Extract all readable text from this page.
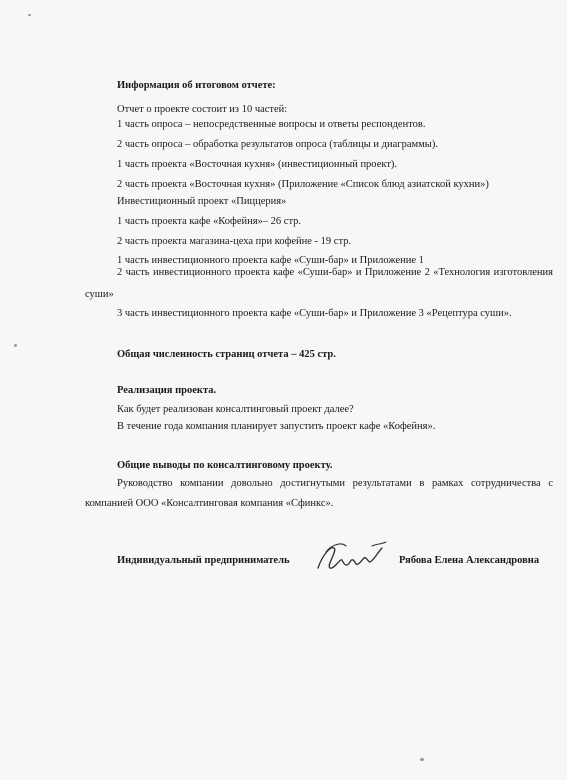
Информация об итоговом отчете:
Отчет о проекте состоит из 10 частей:
1 часть опроса – непосредственные вопросы и ответы респондентов.
2 часть опроса – обработка результатов опроса (таблицы и диаграммы).
1 часть проекта «Восточная кухня» (инвестиционный проект).
2 часть проекта «Восточная кухня» (Приложение «Список блюд азиатской кухни»)
Инвестиционный проект «Пиццерия»
1 часть проекта кафе «Кофейня»– 26 стр.
2 часть проекта магазина-цеха при кофейне - 19 стр.
1 часть инвестиционного проекта кафе «Суши-бар» и Приложение 1
2 часть инвестиционного проекта кафе «Суши-бар» и Приложение 2 «Технология изготовления суши»
3 часть инвестиционного проекта кафе «Суши-бар» и Приложение 3 «Рецептура суши».
Общая численность страниц отчета – 425 стр.
Реализация проекта.
Как будет реализован консалтинговый проект далее?
В течение года компания планирует запустить проект кафе «Кофейня».
Общие выводы по консалтинговому проекту.
Руководство компании довольно достигнутыми результатами в рамках сотрудничества с компанией ООО «Консалтинговая компания «Сфинкс».
Индивидуальный предприниматель	Рябова Елена Александровна
